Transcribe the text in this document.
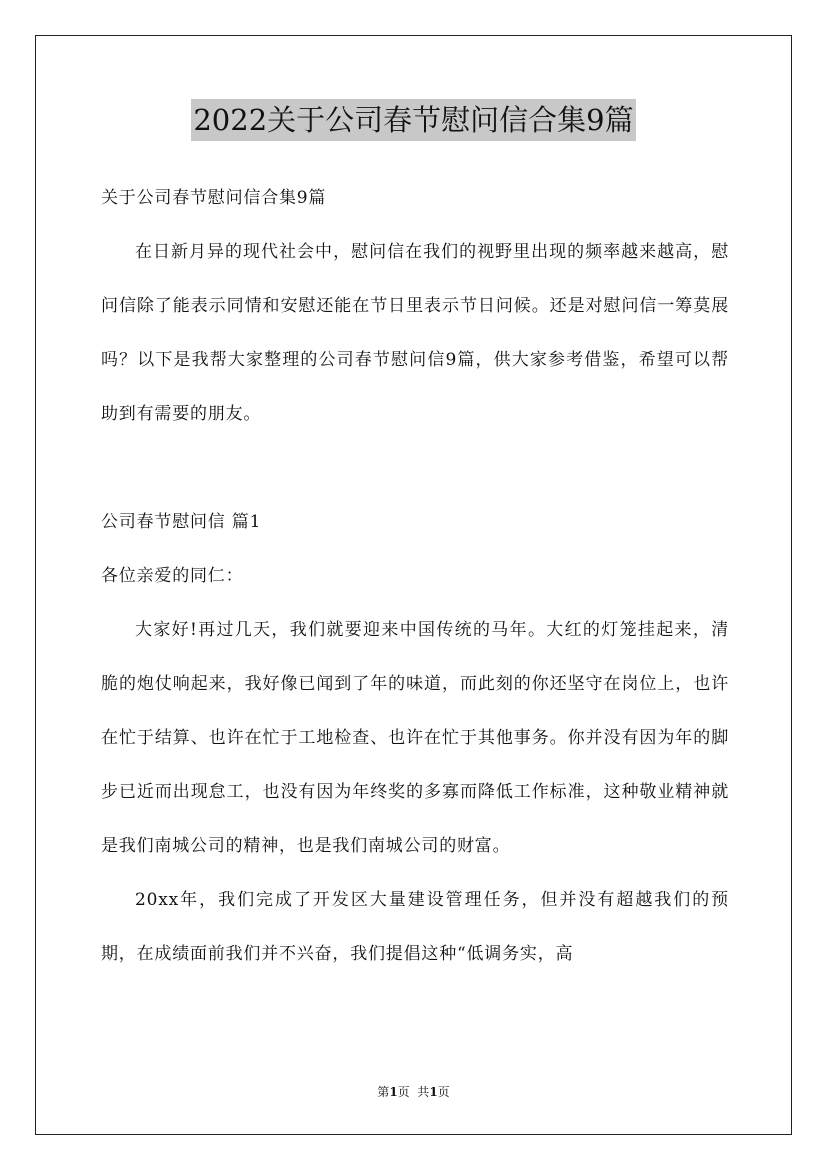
2022关于公司春节慰问信合集9篇

关于公司春节慰问信合集9篇

在日新月异的现代社会中，慰问信在我们的视野里出现的频率越来越高，慰问信除了能表示同情和安慰还能在节日里表示节日问候。还是对慰问信一筹莫展吗？以下是我帮大家整理的公司春节慰问信9篇，供大家参考借鉴，希望可以帮助到有需要的朋友。

公司春节慰问信 篇1

各位亲爱的同仁：

大家好!再过几天，我们就要迎来中国传统的马年。大红的灯笼挂起来，清脆的炮仗响起来，我好像已闻到了年的味道，而此刻的你还坚守在岗位上，也许在忙于结算、也许在忙于工地检查、也许在忙于其他事务。你并没有因为年的脚步已近而出现怠工，也没有因为年终奖的多寡而降低工作标准，这种敬业精神就是我们南城公司的精神，也是我们南城公司的财富。

20xx年，我们完成了开发区大量建设管理任务，但并没有超越我们的预期，在成绩面前我们并不兴奋，我们提倡这种“低调务实，高

第1页  共1页
